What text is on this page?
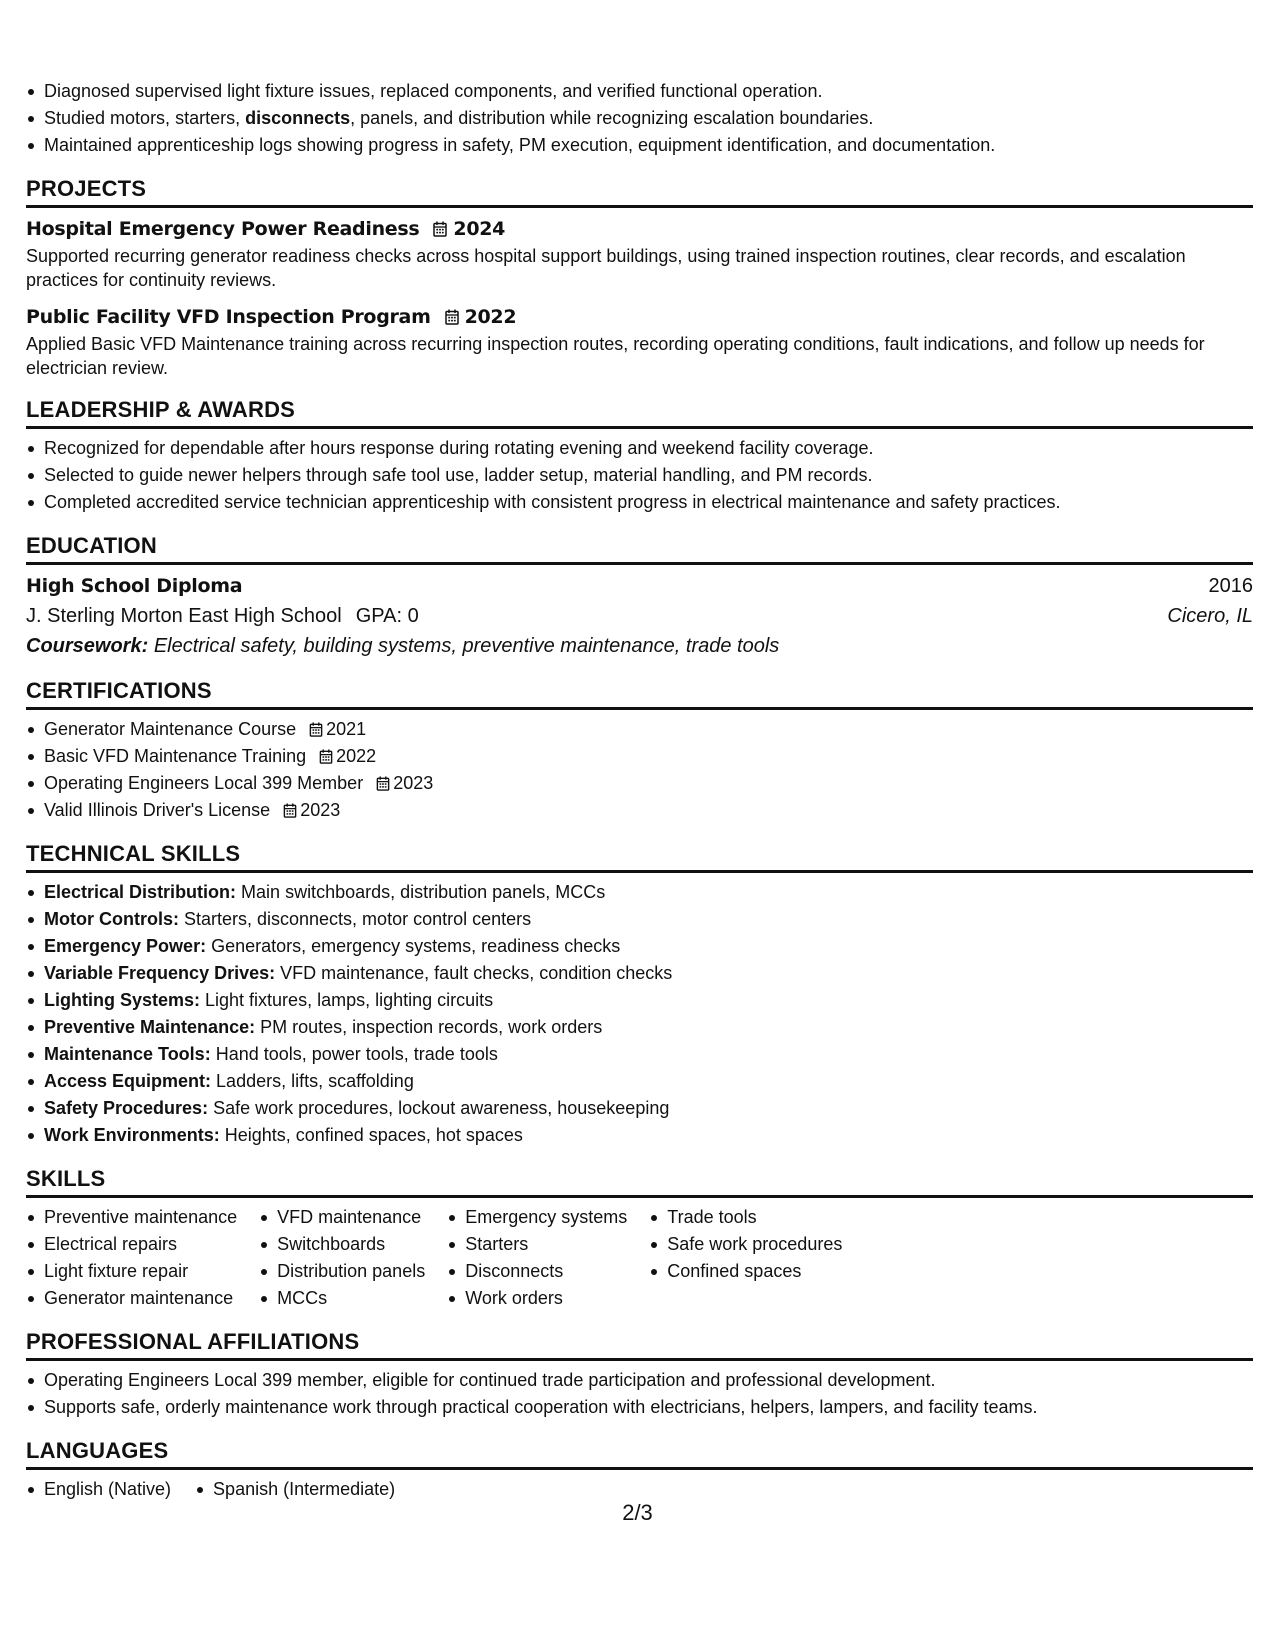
Diagnosed supervised light fixture issues, replaced components, and verified functional operation.
Studied motors, starters, disconnects, panels, and distribution while recognizing escalation boundaries.
Maintained apprenticeship logs showing progress in safety, PM execution, equipment identification, and documentation.
PROJECTS
Hospital Emergency Power Readiness 2024
Supported recurring generator readiness checks across hospital support buildings, using trained inspection routines, clear records, and escalation practices for continuity reviews.
Public Facility VFD Inspection Program 2022
Applied Basic VFD Maintenance training across recurring inspection routes, recording operating conditions, fault indications, and follow up needs for electrician review.
LEADERSHIP & AWARDS
Recognized for dependable after hours response during rotating evening and weekend facility coverage.
Selected to guide newer helpers through safe tool use, ladder setup, material handling, and PM records.
Completed accredited service technician apprenticeship with consistent progress in electrical maintenance and safety practices.
EDUCATION
High School Diploma	2016
J. Sterling Morton East High School GPA: 0	Cicero, IL
Coursework: Electrical safety, building systems, preventive maintenance, trade tools
CERTIFICATIONS
Generator Maintenance Course 2021
Basic VFD Maintenance Training 2022
Operating Engineers Local 399 Member 2023
Valid Illinois Driver's License 2023
TECHNICAL SKILLS
Electrical Distribution: Main switchboards, distribution panels, MCCs
Motor Controls: Starters, disconnects, motor control centers
Emergency Power: Generators, emergency systems, readiness checks
Variable Frequency Drives: VFD maintenance, fault checks, condition checks
Lighting Systems: Light fixtures, lamps, lighting circuits
Preventive Maintenance: PM routes, inspection records, work orders
Maintenance Tools: Hand tools, power tools, trade tools
Access Equipment: Ladders, lifts, scaffolding
Safety Procedures: Safe work procedures, lockout awareness, housekeeping
Work Environments: Heights, confined spaces, hot spaces
SKILLS
Preventive maintenance
Electrical repairs
Light fixture repair
Generator maintenance
VFD maintenance
Switchboards
Distribution panels
MCCs
Emergency systems
Starters
Disconnects
Work orders
Trade tools
Safe work procedures
Confined spaces
PROFESSIONAL AFFILIATIONS
Operating Engineers Local 399 member, eligible for continued trade participation and professional development.
Supports safe, orderly maintenance work through practical cooperation with electricians, helpers, lampers, and facility teams.
LANGUAGES
English (Native)	Spanish (Intermediate)
2/3
